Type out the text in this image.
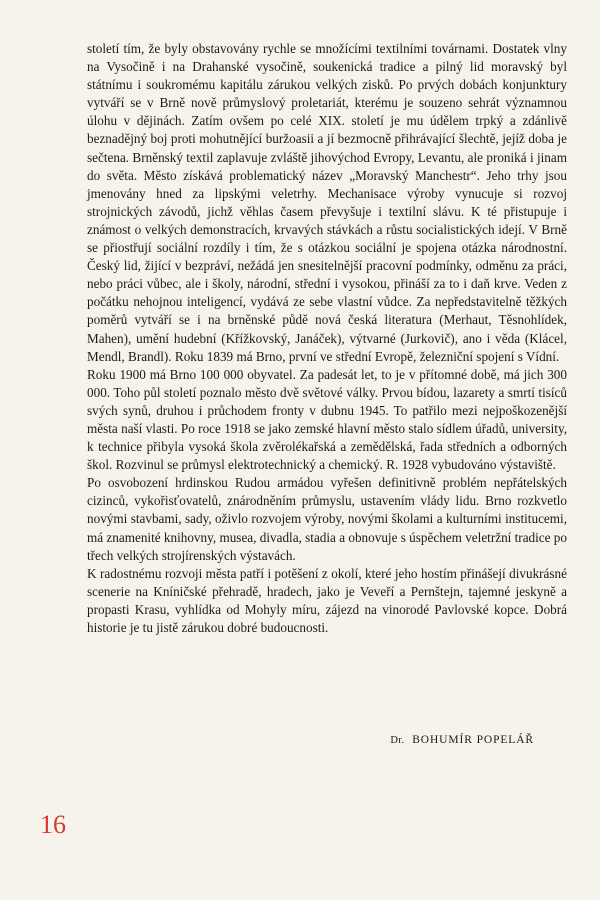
století tím, že byly obstavovány rychle se množícími textilními továrnami. Dostatek vlny na Vysočině i na Drahanské vysočině, soukenická tradice a pilný lid moravský byl státnímu i soukromému kapitálu zárukou velkých zisků. Po prvých dobách konjunktury vytváří se v Brně nově průmyslový proletariát, kterému je souzeno sehrát významnou úlohu v dějinách. Zatím ovšem po celé XIX. století je mu údělem trpký a zdánlivě beznadějný boj proti mohutnějící buržoasii a jí bezmocně přihrávající šlechtě, jejíž doba je sečtena. Brněnský textil zaplavuje zvláště jihovýchod Evropy, Levantu, ale proniká i jinam do světa. Město získává problematický název „Moravský Manchestr“. Jeho trhy jsou jmenovány hned za lipskými veletrhy. Mechanisace výroby vynucuje si rozvoj strojnických závodů, jichž věhlas časem převyšuje i textilní slávu. K té přistupuje i známost o velkých demonstracích, krvavých stávkách a růstu socialistických idejí. V Brně se přiostřují sociální rozdíly i tím, že s otázkou sociální je spojena otázka národnostní. Český lid, žijící v bezpráví, nežádá jen snesitelnější pracovní podmínky, odměnu za práci, nebo práci vůbec, ale i školy, národní, střední i vysokou, přináší za to i daň krve. Veden z počátku nehojnou inteligencí, vydává ze sebe vlastní vůdce. Za nepředstavitelně těžkých poměrů vytváří se i na brněnské půdě nová česká literatura (Merhaut, Těsnohlídek, Mahen), umění hudební (Křížkovský, Janáček), výtvarné (Jurkovič), ano i věda (Klácel, Mendl, Brandl). Roku 1839 má Brno, první ve střední Evropě, železniční spojení s Vídní.

Roku 1900 má Brno 100 000 obyvatel. Za padesát let, to je v přítomné době, má jich 300 000. Toho půl století poznalo město dvě světové války. Prvou bídou, lazarety a smrtí tisíců svých synů, druhou i průchodem fronty v dubnu 1945. To patřilo mezi nejpoškozenější města naší vlasti. Po roce 1918 se jako zemské hlavní město stalo sídlem úřadů, university, k technice přibyla vysoká škola zvěrolékařská a zemědělská, řada středních a odborných škol. Rozvinul se průmysl elektrotechnický a chemický. R. 1928 vybudováno výstaviště.

Po osvobození hrdinskou Rudou armádou vyřešen definitivně problém nepřátelských cizinců, vykořisťovatelů, znárodněním průmyslu, ustavením vlády lidu. Brno rozkvetlo novými stavbami, sady, oživlo rozvojem výroby, novými školami a kulturními institucemi, má znamenité knihovny, musea, divadla, stadia a obnovuje s úspěchem veletržní tradice po třech velkých strojírenských výstavách.

K radostnému rozvoji města patří i potěšení z okolí, které jeho hostím přinášejí divukrásné scenerie na Kníničské přehradě, hradech, jako je Veveří a Pernštejn, tajemné jeskyně a propasti Krasu, vyhlídka od Mohyly míru, zájezd na vinorodé Pavlovské kopce. Dobrá historie je tu jistě zárukou dobré budoucnosti.

Dr. BOHUMÍR POPELÁŘ
16
